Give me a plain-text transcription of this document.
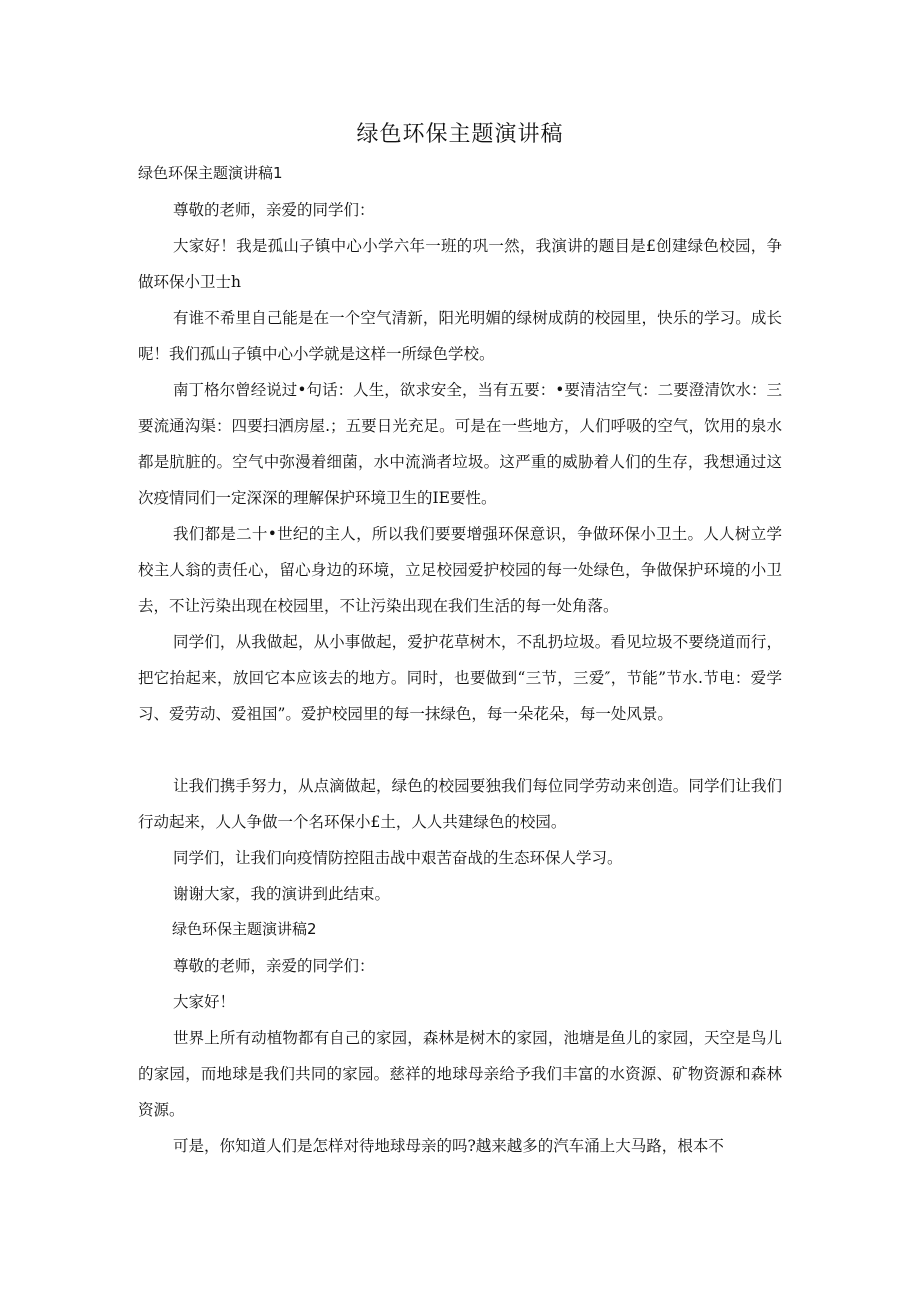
绿色环保主题演讲稿
绿色环保主题演讲稿1
尊敬的老师，亲爱的同学们：
大家好！我是孤山子镇中心小学六年一班的巩一然，我演讲的题目是£创建绿色校园，争做环保小卫士h
有谁不希里自己能是在一个空气清新，阳光明媚的绿树成荫的校园里，快乐的学习。成长呢！我们孤山子镇中心小学就是这样一所绿色学校。
南丁格尔曾经说过•句话：人生，欲求安全，当有五要：•要清洁空气：二要澄清饮水：三要流通沟渠：四要扫洒房屋.；五要日光充足。可是在一些地方，人们呼吸的空气，饮用的泉水都是肮脏的。空气中弥漫着细菌，水中流淌者垃圾。这严重的威胁着人们的生存，我想通过这次疫情同们一定深深的理解保护环境卫生的IE要性。
我们都是二十•世纪的主人，所以我们要要增强环保意识，争做环保小卫土。人人树立学校主人翁的责任心，留心身边的环境，立足校园爱护校园的每一处绿色，争做保护环境的小卫去，不让污染出现在校园里，不让污染出现在我们生活的每一处角落。
同学们，从我做起，从小事做起，爱护花草树木，不乱扔垃圾。看见垃圾不要绕道而行，把它抬起来，放回它本应该去的地方。同时，也要做到“三节，三爱″，节能”节水.节电：爱学习、爱劳动、爱祖国”。爱护校园里的每一抹绿色，每一朵花朵，每一处风景。
让我们携手努力，从点滴做起，绿色的校园要独我们每位同学劳动来创造。同学们让我们行动起来，人人争做一个名环保小£土，人人共建绿色的校园。
同学们，让我们向疫情防控阻击战中艰苦奋战的生态环保人学习。
谢谢大家，我的演讲到此结束。
绿色环保主题演讲稿2
尊敬的老师，亲爱的同学们：
大家好！
世界上所有动植物都有自己的家园，森林是树木的家园，池塘是鱼儿的家园，天空是鸟儿的家园，而地球是我们共同的家园。慈祥的地球母亲给予我们丰富的水资源、矿物资源和森林资源。
可是，你知道人们是怎样对待地球母亲的吗?越来越多的汽车涌上大马路，根本不
